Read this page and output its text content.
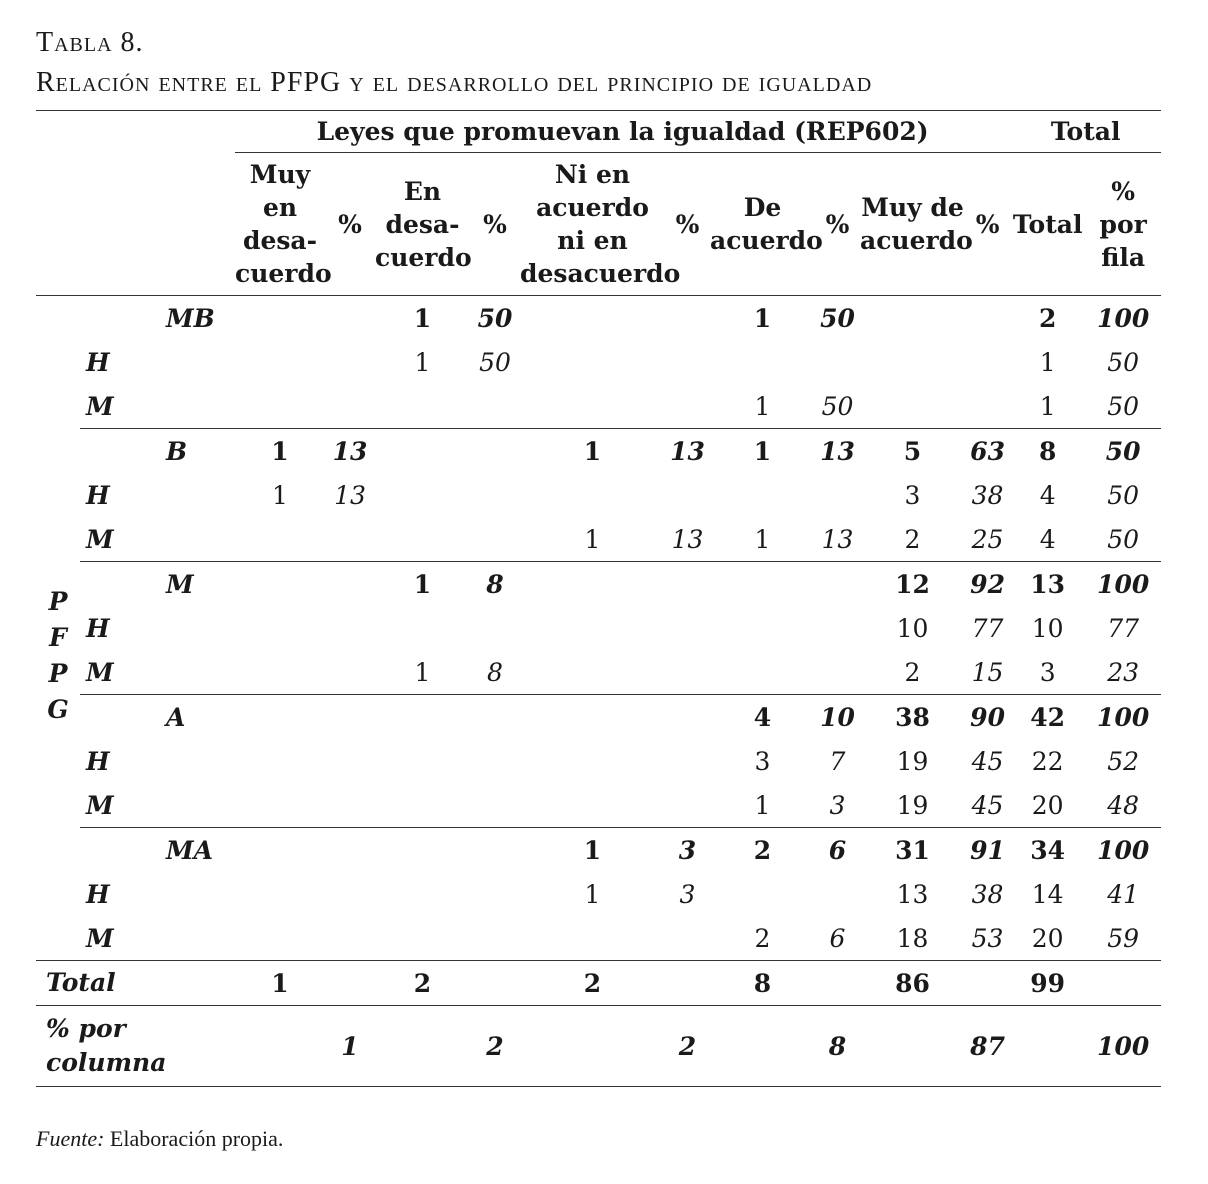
Tabla 8.
Relación entre el PFPG y el desarrollo del principio de igualdad
		Leyes que promuevan la igualdad (REP602)										Total	
		Muy en desa- cuerdo	%	En desa- cuerdo	%	Ni en acuerdo ni en desacuerdo	%	De acuerdo	%	Muy de acuerdo	%	Total	% por fila
P
F
P
G	MB			1	50			1	50			2	100
	H			1	50							1	50
	M							1	50			1	50
	B	1	13			1	13	1	13	5	63	8	50
	H	1	13							3	38	4	50
	M					1	13	1	13	2	25	4	50
	M			1	8					12	92	13	100
	H									10	77	10	77
	M			1	8					2	15	3	23
	A							4	10	38	90	42	100
	H							3	7	19	45	22	52
	M							1	3	19	45	20	48
	MA					1	3	2	6	31	91	34	100
	H					1	3			13	38	14	41
	M							2	6	18	53	20	59
Total		1		2		2		8		86		99	
% por columna			1		2		2		8		87		100
Fuente: Elaboración propia.
